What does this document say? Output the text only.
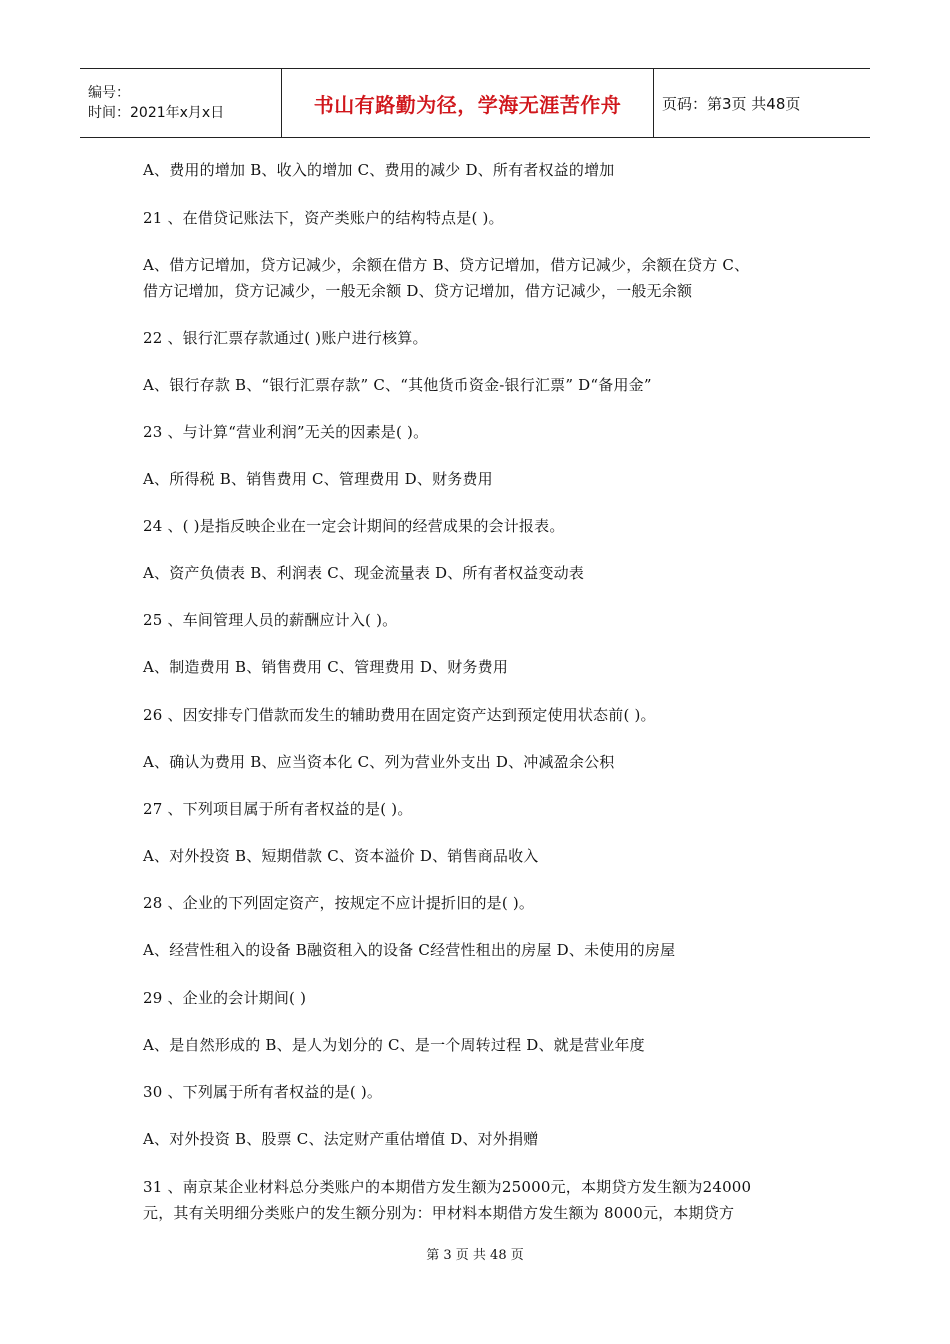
编号：
时间：2021年x月x日	书山有路勤为径，学海无涯苦作舟	页码：第3页 共48页
A、费用的增加 B、收入的增加 C、费用的减少 D、所有者权益的增加
21 、在借贷记账法下，资产类账户的结构特点是( )。
A、借方记增加，贷方记减少，余额在借方 B、贷方记增加，借方记减少，余额在贷方 C、
借方记增加，贷方记减少，一般无余额 D、贷方记增加，借方记减少，一般无余额
22 、银行汇票存款通过( )账户进行核算。
A、银行存款 B、“银行汇票存款” C、“其他货币资金-银行汇票” D“备用金”
23 、与计算“营业利润”无关的因素是( )。
A、所得税 B、销售费用 C、管理费用 D、财务费用
24 、( )是指反映企业在一定会计期间的经营成果的会计报表。
A、资产负债表 B、利润表 C、现金流量表 D、所有者权益变动表
25 、车间管理人员的薪酬应计入( )。
A、制造费用 B、销售费用 C、管理费用 D、财务费用
26 、因安排专门借款而发生的辅助费用在固定资产达到预定使用状态前( )。
A、确认为费用 B、应当资本化 C、列为营业外支出 D、冲减盈余公积
27 、下列项目属于所有者权益的是( )。
A、对外投资 B、短期借款 C、资本溢价 D、销售商品收入
28 、企业的下列固定资产，按规定不应计提折旧的是( )。
A、经营性租入的设备 B融资租入的设备 C经营性租出的房屋 D、未使用的房屋
29 、企业的会计期间( )
A、是自然形成的 B、是人为划分的 C、是一个周转过程 D、就是营业年度
30 、下列属于所有者权益的是( )。
A、对外投资 B、股票 C、法定财产重估增值 D、对外捐赠
31 、南京某企业材料总分类账户的本期借方发生额为25000元，本期贷方发生额为24000
元，其有关明细分类账户的发生额分别为：甲材料本期借方发生额为 8000元，本期贷方
第 3 页 共 48 页
